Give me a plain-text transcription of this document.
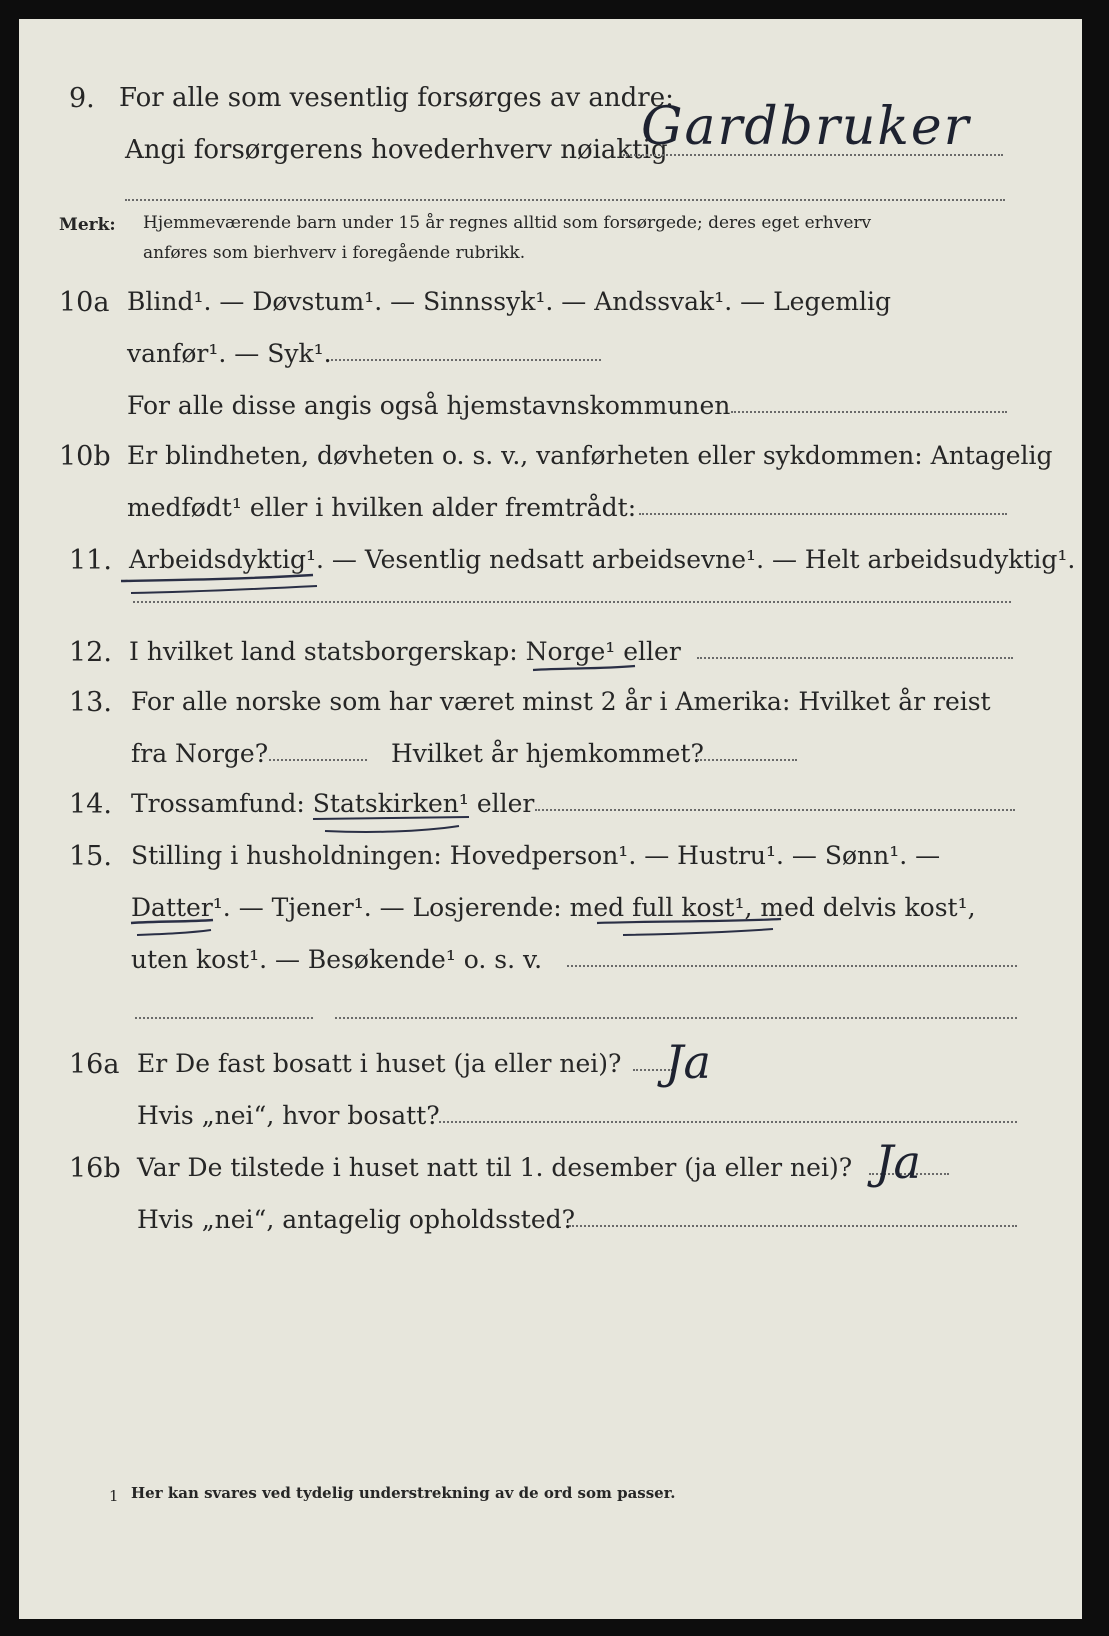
9. For alle som vesentlig forsørges av andre:
Angi forsørgerens hovederhverv nøiaktig
Gardbruker
Merk: Hjemmeværende barn under 15 år regnes alltid som forsørgede; deres eget erhverv
anføres som bierhverv i foregående rubrikk.
10a Blind¹. — Døvstum¹. — Sinnssyk¹. — Andssvak¹. — Legemlig
vanfør¹. — Syk¹.
For alle disse angis også hjemstavnskommunen
10b Er blindheten, døvheten o. s. v., vanførheten eller sykdommen: Antagelig
medfødt¹ eller i hvilken alder fremtrådt:
11. Arbeidsdyktig¹. — Vesentlig nedsatt arbeidsevne¹. — Helt arbeidsudyktig¹.
12. I hvilket land statsborgerskap: Norge¹ eller
13. For alle norske som har været minst 2 år i Amerika: Hvilket år reist
fra Norge?	Hvilket år hjemkommet?
14. Trossamfund: Statskirken¹ eller
15. Stilling i husholdningen: Hovedperson¹. — Hustru¹. — Sønn¹. —
Datter¹. — Tjener¹. — Losjerende: med full kost¹, med delvis kost¹,
uten kost¹. — Besøkende¹ o. s. v.
16a Er De fast bosatt i huset (ja eller nei)? Ja
Hvis „nei“, hvor bosatt?
16b Var De tilstede i huset natt til 1. desember (ja eller nei)? Ja
Hvis „nei“, antagelig opholdssted?
1 Her kan svares ved tydelig understrekning av de ord som passer.
